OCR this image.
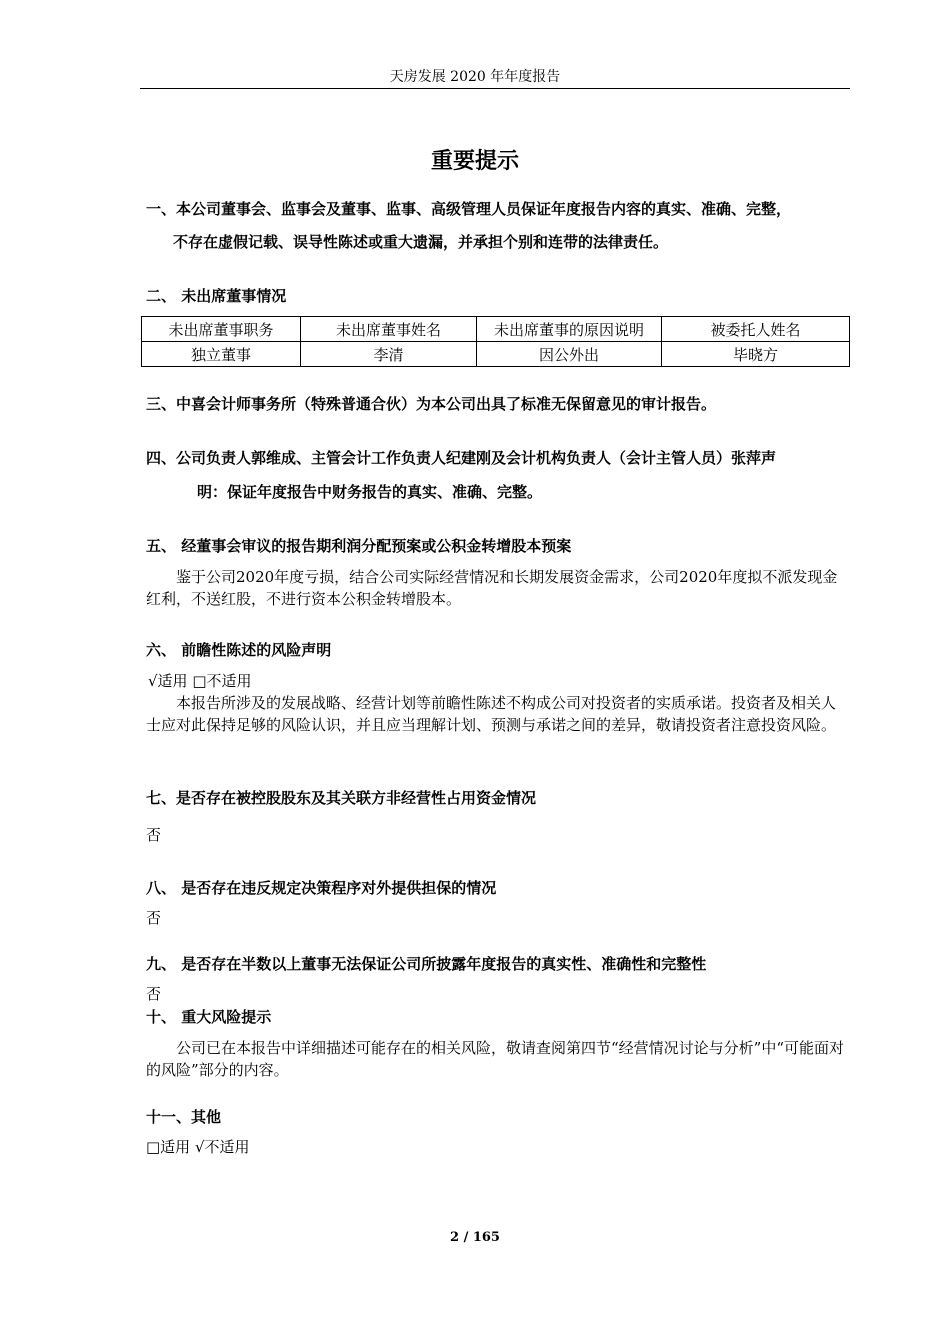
天房发展 2020 年年度报告
重要提示
一、本公司董事会、监事会及董事、监事、高级管理人员保证年度报告内容的真实、准确、完整，
不存在虚假记载、误导性陈述或重大遗漏，并承担个别和连带的法律责任。
二、 未出席董事情况
未出席董事职务	未出席董事姓名	未出席董事的原因说明	被委托人姓名
独立董事	李清	因公外出	毕晓方
三、中喜会计师事务所（特殊普通合伙）为本公司出具了标准无保留意见的审计报告。
四、公司负责人郭维成、主管会计工作负责人纪建刚及会计机构负责人（会计主管人员）张萍声
明：保证年度报告中财务报告的真实、准确、完整。
五、 经董事会审议的报告期利润分配预案或公积金转增股本预案
鉴于公司2020年度亏损，结合公司实际经营情况和长期发展资金需求，公司2020年度拟不派发现金红利，不送红股，不进行资本公积金转增股本。
六、 前瞻性陈述的风险声明
√适用 □不适用
本报告所涉及的发展战略、经营计划等前瞻性陈述不构成公司对投资者的实质承诺。投资者及相关人士应对此保持足够的风险认识，并且应当理解计划、预测与承诺之间的差异，敬请投资者注意投资风险。
七、是否存在被控股股东及其关联方非经营性占用资金情况
否
八、 是否存在违反规定决策程序对外提供担保的情况
否
九、 是否存在半数以上董事无法保证公司所披露年度报告的真实性、准确性和完整性
否
十、 重大风险提示
公司已在本报告中详细描述可能存在的相关风险，敬请查阅第四节“经营情况讨论与分析”中“可能面对的风险”部分的内容。
十一、其他
□适用 √不适用
2 / 165
